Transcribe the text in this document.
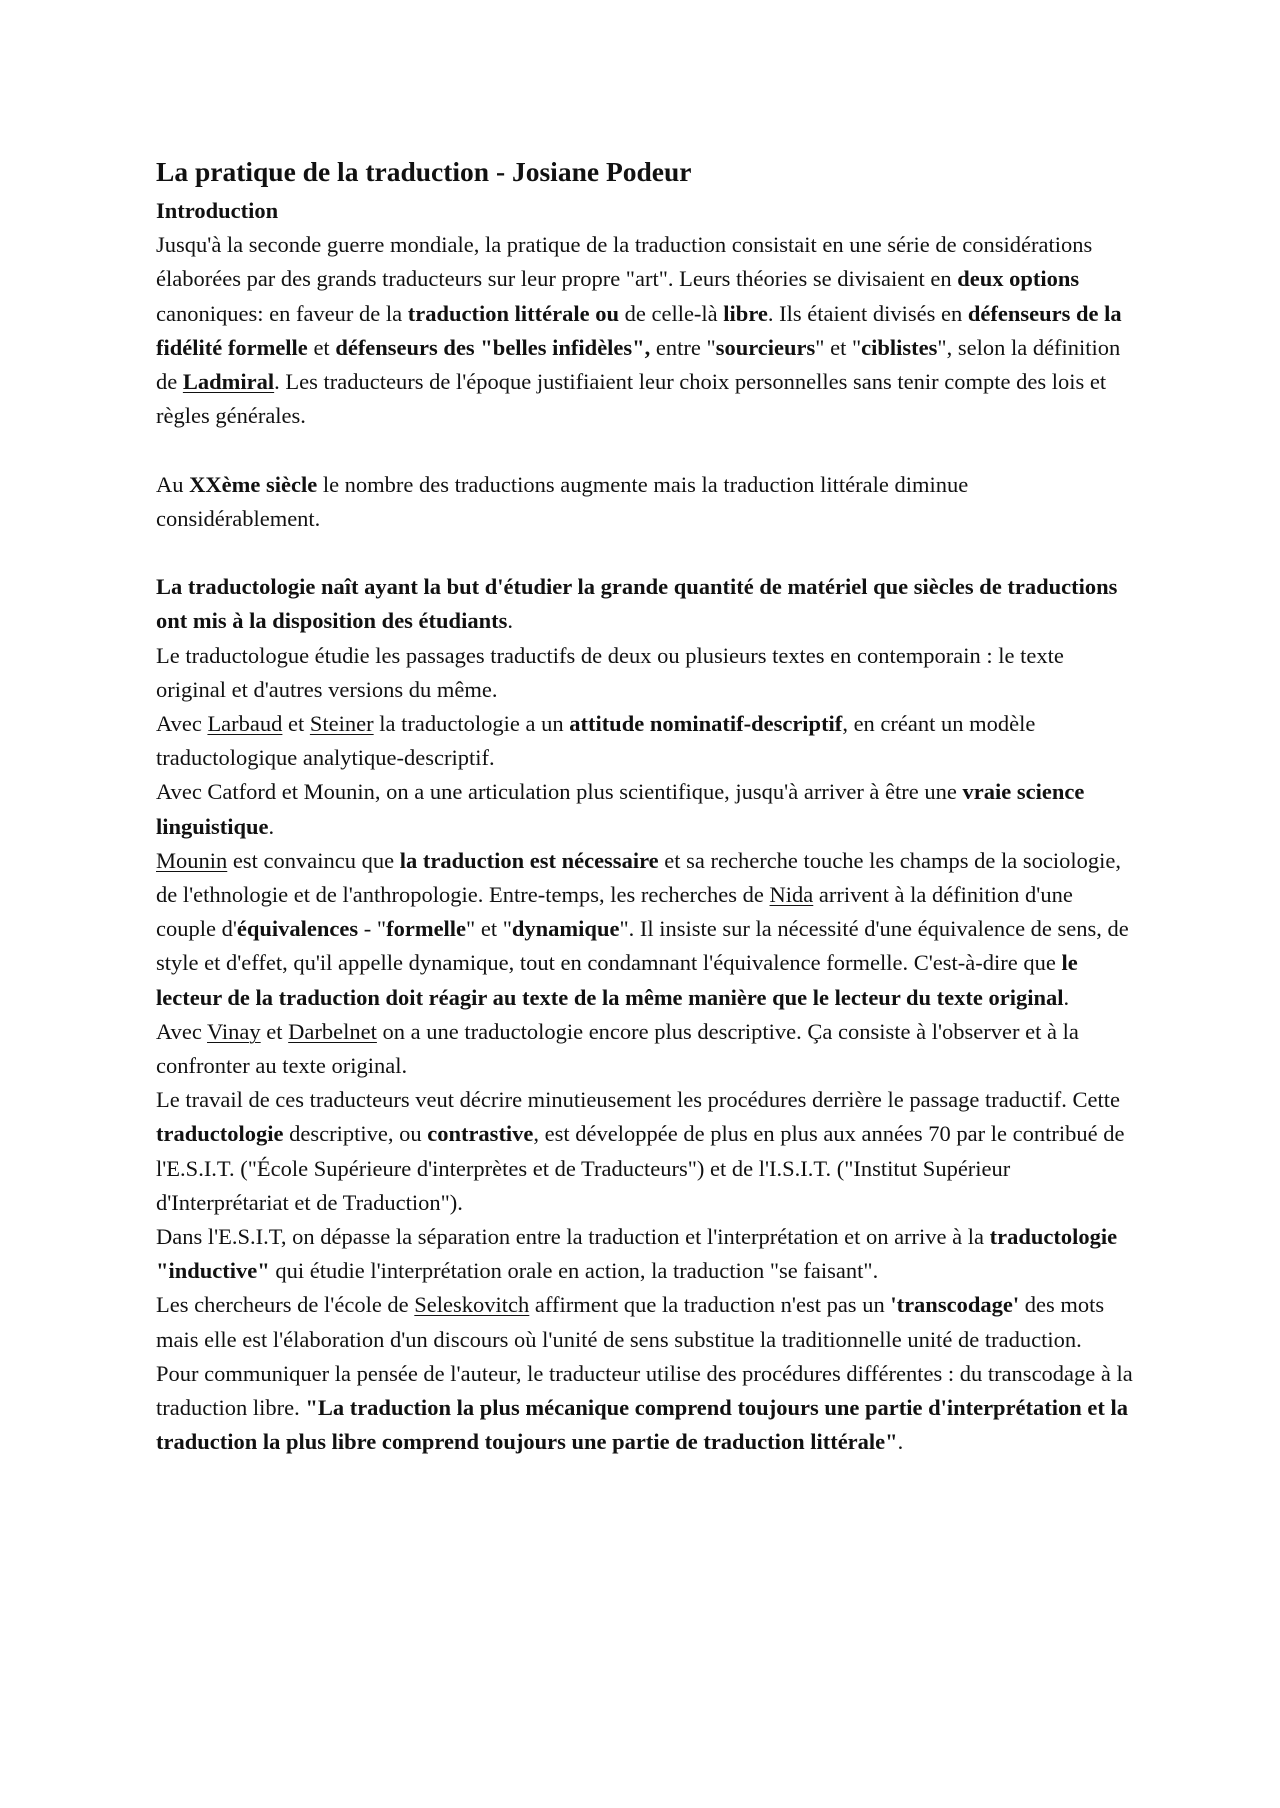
La pratique de la traduction - Josiane Podeur
Introduction

Jusqu'à la seconde guerre mondiale, la pratique de la traduction consistait en une série de considérations élaborées par des grands traducteurs sur leur propre "art". Leurs théories se divisaient en deux options canoniques: en faveur de la traduction littérale ou de celle-là libre. Ils étaient divisés en défenseurs de la fidélité formelle et défenseurs des "belles infidèles", entre "sourcieurs" et "ciblistes", selon la définition de Ladmiral. Les traducteurs de l'époque justifiaient leur choix personnelles sans tenir compte des lois et règles générales.

Au XXème siècle le nombre des traductions augmente mais la traduction littérale diminue considérablement.

La traductologie naît ayant la but d'étudier la grande quantité de matériel que siècles de traductions ont mis à la disposition des étudiants.

Le traductologue étudie les passages traductifs de deux ou plusieurs textes en contemporain : le texte original et d'autres versions du même.

Avec Larbaud et Steiner la traductologie a un attitude nominatif-descriptif, en créant un modèle traductologique analytique-descriptif.

Avec Catford et Mounin, on a une articulation plus scientifique, jusqu'à arriver à être une vraie science linguistique.

Mounin est convaincu que la traduction est nécessaire et sa recherche touche les champs de la sociologie, de l'ethnologie et de l'anthropologie. Entre-temps, les recherches de Nida arrivent à la définition d'une couple d'équivalences - "formelle" et "dynamique". Il insiste sur la nécessité d'une équivalence de sens, de style et d'effet, qu'il appelle dynamique, tout en condamnant l'équivalence formelle. C'est-à-dire que le lecteur de la traduction doit réagir au texte de la même manière que le lecteur du texte original.

Avec Vinay et Darbelnet on a une traductologie encore plus descriptive. Ça consiste à l'observer et à la confronter au texte original.

Le travail de ces traducteurs veut décrire minutieusement les procédures derrière le passage traductif. Cette traductologie descriptive, ou contrastive, est développée de plus en plus aux années 70 par le contribué de l'E.S.I.T. ("École Supérieure d'interprètes et de Traducteurs") et de l'I.S.I.T. ("Institut Supérieur d'Interprétariat et de Traduction").

Dans l'E.S.I.T, on dépasse la séparation entre la traduction et l'interprétation et on arrive à la traductologie "inductive" qui étudie l'interprétation orale en action, la traduction "se faisant".

Les chercheurs de l'école de Seleskovitch affirment que la traduction n'est pas un 'transcodage' des mots mais elle est l'élaboration d'un discours où l'unité de sens substitue la traditionnelle unité de traduction.

Pour communiquer la pensée de l'auteur, le traducteur utilise des procédures différentes : du transcodage à la traduction libre. "La traduction la plus mécanique comprend toujours une partie d'interprétation et la traduction la plus libre comprend toujours une partie de traduction littérale".
